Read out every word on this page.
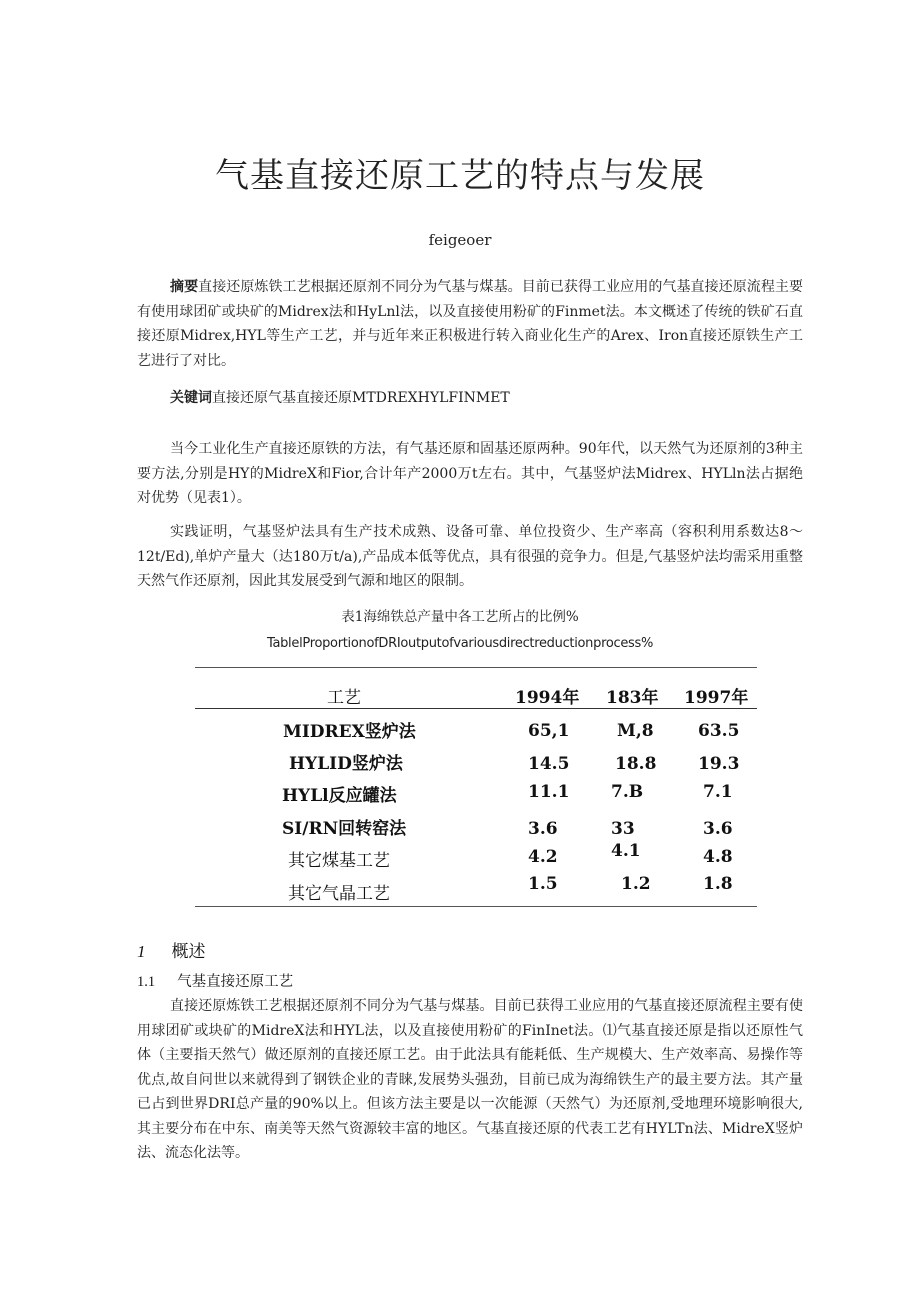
气基直接还原工艺的特点与发展
feigeoer

摘要直接还原炼铁工艺根据还原剂不同分为气基与煤基。目前已获得工业应用的气基直接还原流程主要有使用球团矿或块矿的Midrex法和HyLnl法，以及直接使用粉矿的Finmet法。本文概述了传统的铁矿石直接还原Midrex,HYL等生产工艺，并与近年来正积极进行转入商业化生产的Arex、Iron直接还原铁生产工艺进行了对比。

关键词直接还原气基直接还原MTDREXHYLFINMET

当今工业化生产直接还原铁的方法，有气基还原和固基还原两种。90年代，以天然气为还原剂的3种主要方法,分别是HY的MidreX和Fior,合计年产2000万t左右。其中，气基竖炉法Midrex、HYLln法占据绝对优势（见表1）。

实践证明，气基竖炉法具有生产技术成熟、设备可靠、单位投资少、生产率高（容积利用系数达8～12t/Ed),单炉产量大（达180万t/a),产品成本低等优点，具有很强的竞争力。但是,气基竖炉法均需采用重整天然气作还原剂，因此其发展受到气源和地区的限制。

表1海绵铁总产量中各工艺所占的比例%
TablelProportionofDRIoutputofvariousdirectreductionprocess%
工艺	1994年 183年 1997年
MIDREX竖炉法	65,1	M,8	63.5
HYLID竖炉法	14.5	18.8 19.3
HYLl反应罐法	11.1 7.B	7.1
SI/RN回转窑法	3.6	33	3.6
其它煤基工艺	4.2	4.1	4.8
其它气晶工艺	1.5	1.2	1.8
1 概述
1.1 气基直接还原工艺

直接还原炼铁工艺根据还原剂不同分为气基与煤基。目前已获得工业应用的气基直接还原流程主要有使用球团矿或块矿的MidreX法和HYL法，以及直接使用粉矿的FinInet法。⑴气基直接还原是指以还原性气体（主要指天然气）做还原剂的直接还原工艺。由于此法具有能耗低、生产规模大、生产效率高、易操作等优点,故自问世以来就得到了钢铁企业的青睐,发展势头强劲，目前已成为海绵铁生产的最主要方法。其产量已占到世界DRI总产量的90%以上。但该方法主要是以一次能源（天然气）为还原剂,受地理环境影响很大,其主要分布在中东、南美等天然气资源较丰富的地区。气基直接还原的代表工艺有HYLTn法、MidreX竖炉法、流态化法等。
